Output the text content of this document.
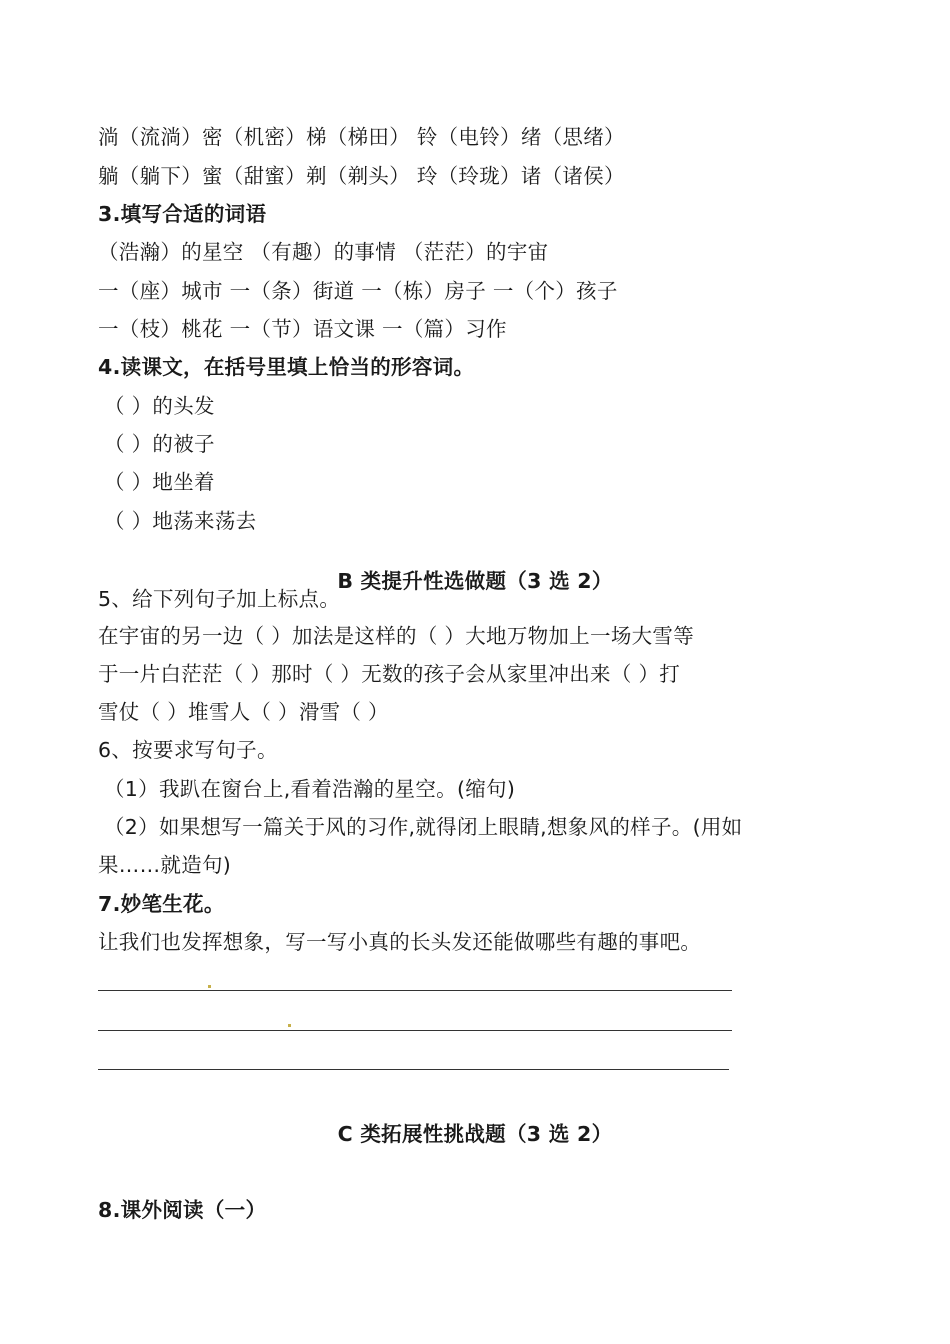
淌（流淌）密（机密）梯（梯田） 铃（电铃）绪（思绪）
躺（躺下）蜜（甜蜜）剃（剃头） 玲（玲珑）诸（诸侯）
3.填写合适的词语
（浩瀚）的星空 （有趣）的事情 （茫茫）的宇宙
一（座）城市 一（条）街道 一（栋）房子 一（个）孩子
一（枝）桃花 一（节）语文课 一（篇）习作
4.读课文，在括号里填上恰当的形容词。
（ ）的头发
（ ）的被子
（ ）地坐着
（ ）地荡来荡去
B 类提升性选做题（3 选 2）
5、给下列句子加上标点。
在宇宙的另一边（ ）加法是这样的（ ）大地万物加上一场大雪等
于一片白茫茫（ ）那时（ ）无数的孩子会从家里冲出来（ ）打
雪仗（ ）堆雪人（ ）滑雪（ ）
6、按要求写句子。
（1）我趴在窗台上,看着浩瀚的星空。(缩句)
（2）如果想写一篇关于风的习作,就得闭上眼睛,想象风的样子。(用如
果……就造句)
7.妙笔生花。
让我们也发挥想象，写一写小真的长头发还能做哪些有趣的事吧。
C 类拓展性挑战题（3 选 2）
8.课外阅读（一）
